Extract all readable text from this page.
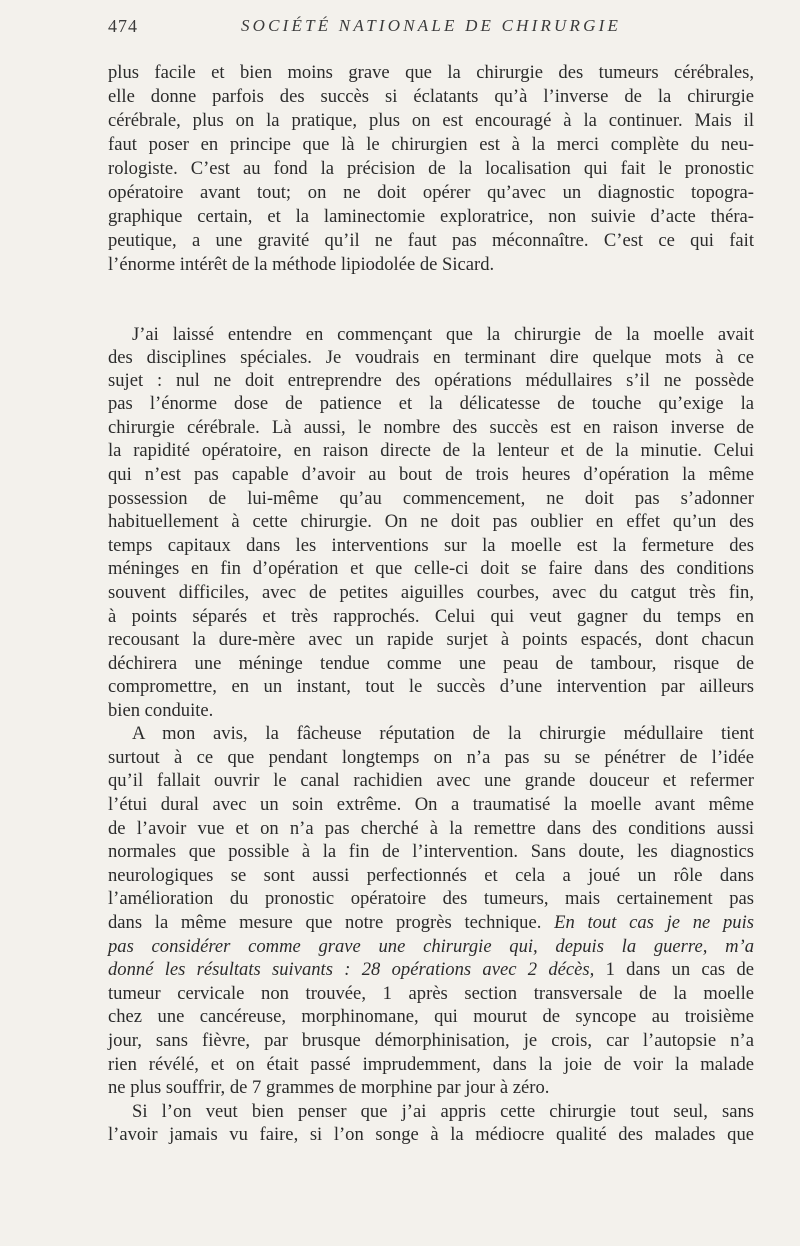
474	SOCIÉTÉ NATIONALE DE CHIRURGIE
plus facile et bien moins grave que la chirurgie des tumeurs cérébrales,
elle donne parfois des succès si éclatants qu’à l’inverse de la chirurgie
cérébrale, plus on la pratique, plus on est encouragé à la continuer. Mais il
faut poser en principe que là le chirurgien est à la merci complète du neu-
rologiste. C’est au fond la précision de la localisation qui fait le pronostic
opératoire avant tout; on ne doit opérer qu’avec un diagnostic topogra-
graphique certain, et la laminectomie exploratrice, non suivie d’acte théra-
peutique, a une gravité qu’il ne faut pas méconnaître. C’est ce qui fait
l’énorme intérêt de la méthode lipiodolée de Sicard.
J’ai laissé entendre en commençant que la chirurgie de la moelle avait
des disciplines spéciales. Je voudrais en terminant dire quelque mots à ce
sujet : nul ne doit entreprendre des opérations médullaires s’il ne possède
pas l’énorme dose de patience et la délicatesse de touche qu’exige la
chirurgie cérébrale. Là aussi, le nombre des succès est en raison inverse de
la rapidité opératoire, en raison directe de la lenteur et de la minutie. Celui
qui n’est pas capable d’avoir au bout de trois heures d’opération la même
possession de lui-même qu’au commencement, ne doit pas s’adonner
habituellement à cette chirurgie. On ne doit pas oublier en effet qu’un des
temps capitaux dans les interventions sur la moelle est la fermeture des
méninges en fin d’opération et que celle-ci doit se faire dans des conditions
souvent difficiles, avec de petites aiguilles courbes, avec du catgut très fin,
à points séparés et très rapprochés. Celui qui veut gagner du temps en
recousant la dure-mère avec un rapide surjet à points espacés, dont chacun
déchirera une méninge tendue comme une peau de tambour, risque de
compromettre, en un instant, tout le succès d’une intervention par ailleurs
bien conduite.
A mon avis, la fâcheuse réputation de la chirurgie médullaire tient
surtout à ce que pendant longtemps on n’a pas su se pénétrer de l’idée
qu’il fallait ouvrir le canal rachidien avec une grande douceur et refermer
l’étui dural avec un soin extrême. On a traumatisé la moelle avant même
de l’avoir vue et on n’a pas cherché à la remettre dans des conditions aussi
normales que possible à la fin de l’intervention. Sans doute, les diagnostics
neurologiques se sont aussi perfectionnés et cela a joué un rôle dans
l’amélioration du pronostic opératoire des tumeurs, mais certainement pas
dans la même mesure que notre progrès technique. En tout cas je ne puis
pas considérer comme grave une chirurgie qui, depuis la guerre, m’a
donné les résultats suivants : 28 opérations avec 2 décès, 1 dans un cas de
tumeur cervicale non trouvée, 1 après section transversale de la moelle
chez une cancéreuse, morphinomane, qui mourut de syncope au troisième
jour, sans fièvre, par brusque démorphinisation, je crois, car l’autopsie n’a
rien révélé, et on était passé imprudemment, dans la joie de voir la malade
ne plus souffrir, de 7 grammes de morphine par jour à zéro.
Si l’on veut bien penser que j’ai appris cette chirurgie tout seul, sans
l’avoir jamais vu faire, si l’on songe à la médiocre qualité des malades que
